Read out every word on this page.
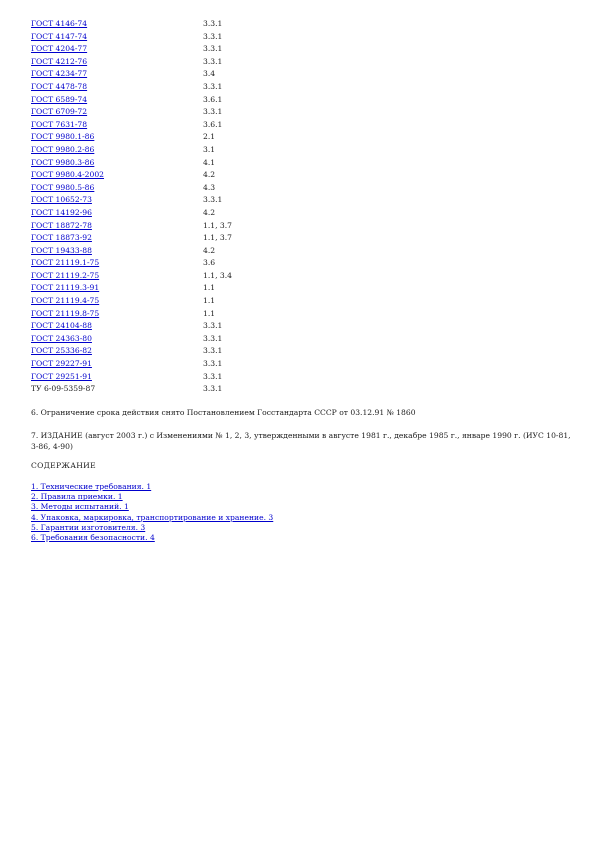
ГОСТ 4146-74	3.3.1
ГОСТ 4147-74	3.3.1
ГОСТ 4204-77	3.3.1
ГОСТ 4212-76	3.3.1
ГОСТ 4234-77	3.4
ГОСТ 4478-78	3.3.1
ГОСТ 6589-74	3.6.1
ГОСТ 6709-72	3.3.1
ГОСТ 7631-78	3.6.1
ГОСТ 9980.1-86	2.1
ГОСТ 9980.2-86	3.1
ГОСТ 9980.3-86	4.1
ГОСТ 9980.4-2002	4.2
ГОСТ 9980.5-86	4.3
ГОСТ 10652-73	3.3.1
ГОСТ 14192-96	4.2
ГОСТ 18872-78	1.1, 3.7
ГОСТ 18873-92	1.1, 3.7
ГОСТ 19433-88	4.2
ГОСТ 21119.1-75	3.6
ГОСТ 21119.2-75	1.1, 3.4
ГОСТ 21119.3-91	1.1
ГОСТ 21119.4-75	1.1
ГОСТ 21119.8-75	1.1
ГОСТ 24104-88	3.3.1
ГОСТ 24363-80	3.3.1
ГОСТ 25336-82	3.3.1
ГОСТ 29227-91	3.3.1
ГОСТ 29251-91	3.3.1
ТУ 6-09-5359-87	3.3.1
6. Ограничение срока действия снято Постановлением Госстандарта СССР от 03.12.91 № 1860
7. ИЗДАНИЕ (август 2003 г.) с Изменениями № 1, 2, 3, утвержденными в августе 1981 г., декабре 1985 г., январе 1990 г. (ИУС 10-81, 3-86, 4-90)
СОДЕРЖАНИЕ
1. Технические требования. 1
2. Правила приемки. 1
3. Методы испытаний. 1
4. Упаковка, маркировка, транспортирование и хранение. 3
5. Гарантии изготовителя. 3
6. Требования безопасности. 4
